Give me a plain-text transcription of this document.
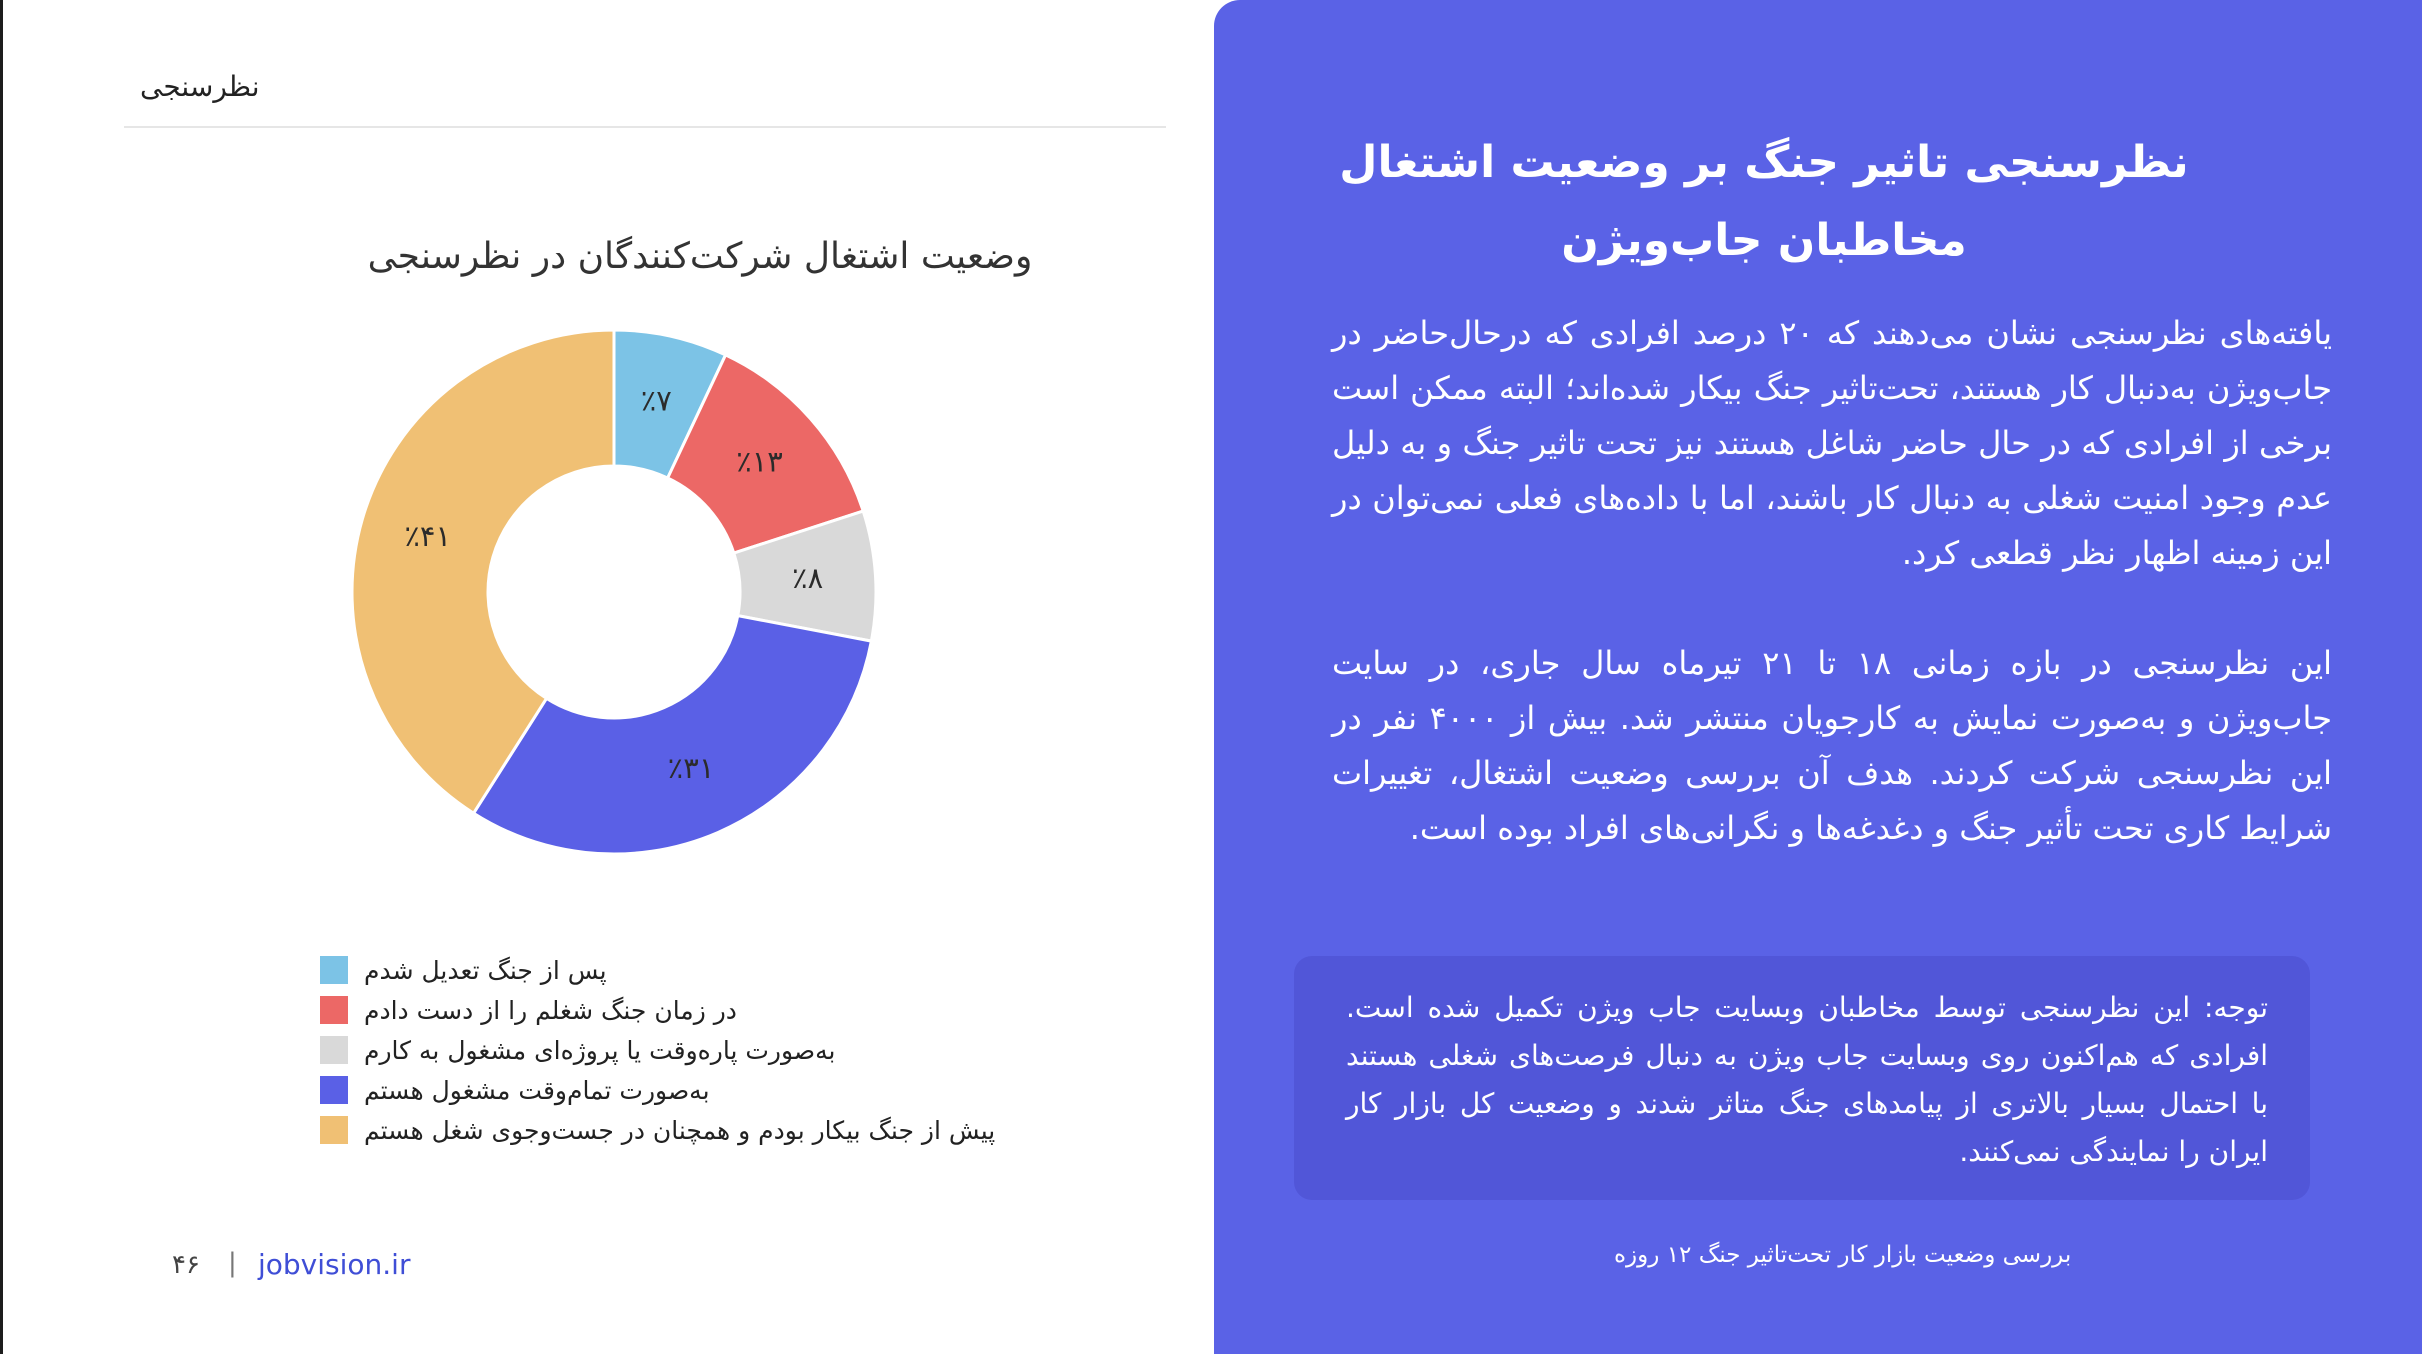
نظرسنجی
وضعیت اشتغال شرکت‌کنندگان در نظرسنجی
٪۷
٪۱۳
٪۸
٪۳۱
٪۴۱
پس از جنگ تعدیل شدم
در زمان جنگ شغلم را از دست دادم
به‌صورت پاره‌وقت یا پروژه‌ای مشغول به کارم
به‌صورت تمام‌وقت مشغول هستم
پیش از جنگ بیکار بودم و همچنان در جست‌وجوی شغل هستم
۴۶ | jobvision.ir
نظرسنجی تاثیر جنگ بر وضعیت اشتغال
مخاطبان جاب‌ویژن
یافته‌های نظرسنجی نشان می‌دهند که ۲۰ درصد افرادی که درحال‌حاضر در جاب‌ویژن به‌دنبال کار هستند، تحت‌تاثیر جنگ بیکار شده‌اند؛ البته ممکن است برخی از افرادی که در حال حاضر شاغل هستند نیز تحت تاثیر جنگ و به دلیل عدم وجود امنیت شغلی به دنبال کار باشند، اما با داده‌های فعلی نمی‌توان در این زمینه اظهار نظر قطعی کرد.
این نظرسنجی در بازه زمانی ۱۸ تا ۲۱ تیرماه سال جاری، در سایت جاب‌ویژن و به‌صورت نمایش به کارجویان منتشر شد. بیش از ۴۰۰۰ نفر در این نظرسنجی شرکت کردند. هدف آن بررسی وضعیت اشتغال، تغییرات شرایط کاری تحت تأثیر جنگ و دغدغه‌ها و نگرانی‌های افراد بوده است.
توجه: این نظرسنجی توسط مخاطبان وبسایت جاب ویژن تکمیل شده است. افرادی که هم‌اکنون روی وبسایت جاب ویژن به دنبال فرصت‌های شغلی هستند با احتمال بسیار بالاتری از پیامدهای جنگ متاثر شدند و وضعیت کل بازار کار ایران را نمایندگی نمی‌کنند.
بررسی وضعیت بازار کار تحت‌تاثیر جنگ ۱۲ روزه
